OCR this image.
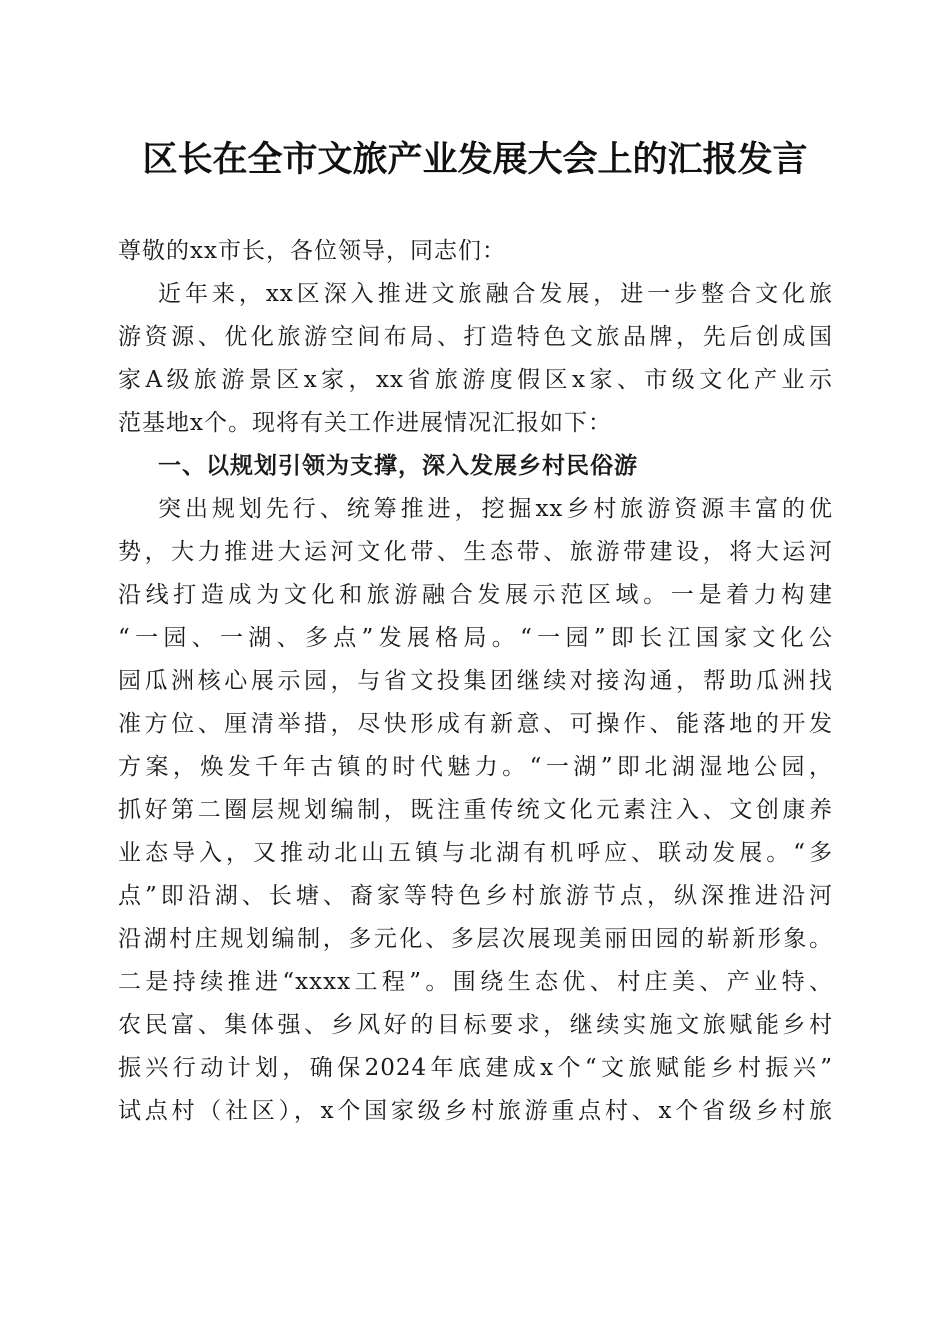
区长在全市文旅产业发展大会上的汇报发言
尊敬的xx市长，各位领导，同志们：
近年来，xx区深入推进文旅融合发展，进一步整合文化旅
游资源、优化旅游空间布局、打造特色文旅品牌，先后创成国
家A级旅游景区x家，xx省旅游度假区x家、市级文化产业示
范基地x个。现将有关工作进展情况汇报如下：
一、以规划引领为支撑，深入发展乡村民俗游
突出规划先行、统筹推进，挖掘xx乡村旅游资源丰富的优
势，大力推进大运河文化带、生态带、旅游带建设，将大运河
沿线打造成为文化和旅游融合发展示范区域。一是着力构建
“一园、一湖、多点”发展格局。“一园”即长江国家文化公
园瓜洲核心展示园，与省文投集团继续对接沟通，帮助瓜洲找
准方位、厘清举措，尽快形成有新意、可操作、能落地的开发
方案，焕发千年古镇的时代魅力。“一湖”即北湖湿地公园，
抓好第二圈层规划编制，既注重传统文化元素注入、文创康养
业态导入，又推动北山五镇与北湖有机呼应、联动发展。“多
点”即沿湖、长塘、裔家等特色乡村旅游节点，纵深推进沿河
沿湖村庄规划编制，多元化、多层次展现美丽田园的崭新形象。
二是持续推进“xxxx工程”。围绕生态优、村庄美、产业特、
农民富、集体强、乡风好的目标要求，继续实施文旅赋能乡村
振兴行动计划，确保2024年底建成x个“文旅赋能乡村振兴”
试点村（社区），x个国家级乡村旅游重点村、x个省级乡村旅
